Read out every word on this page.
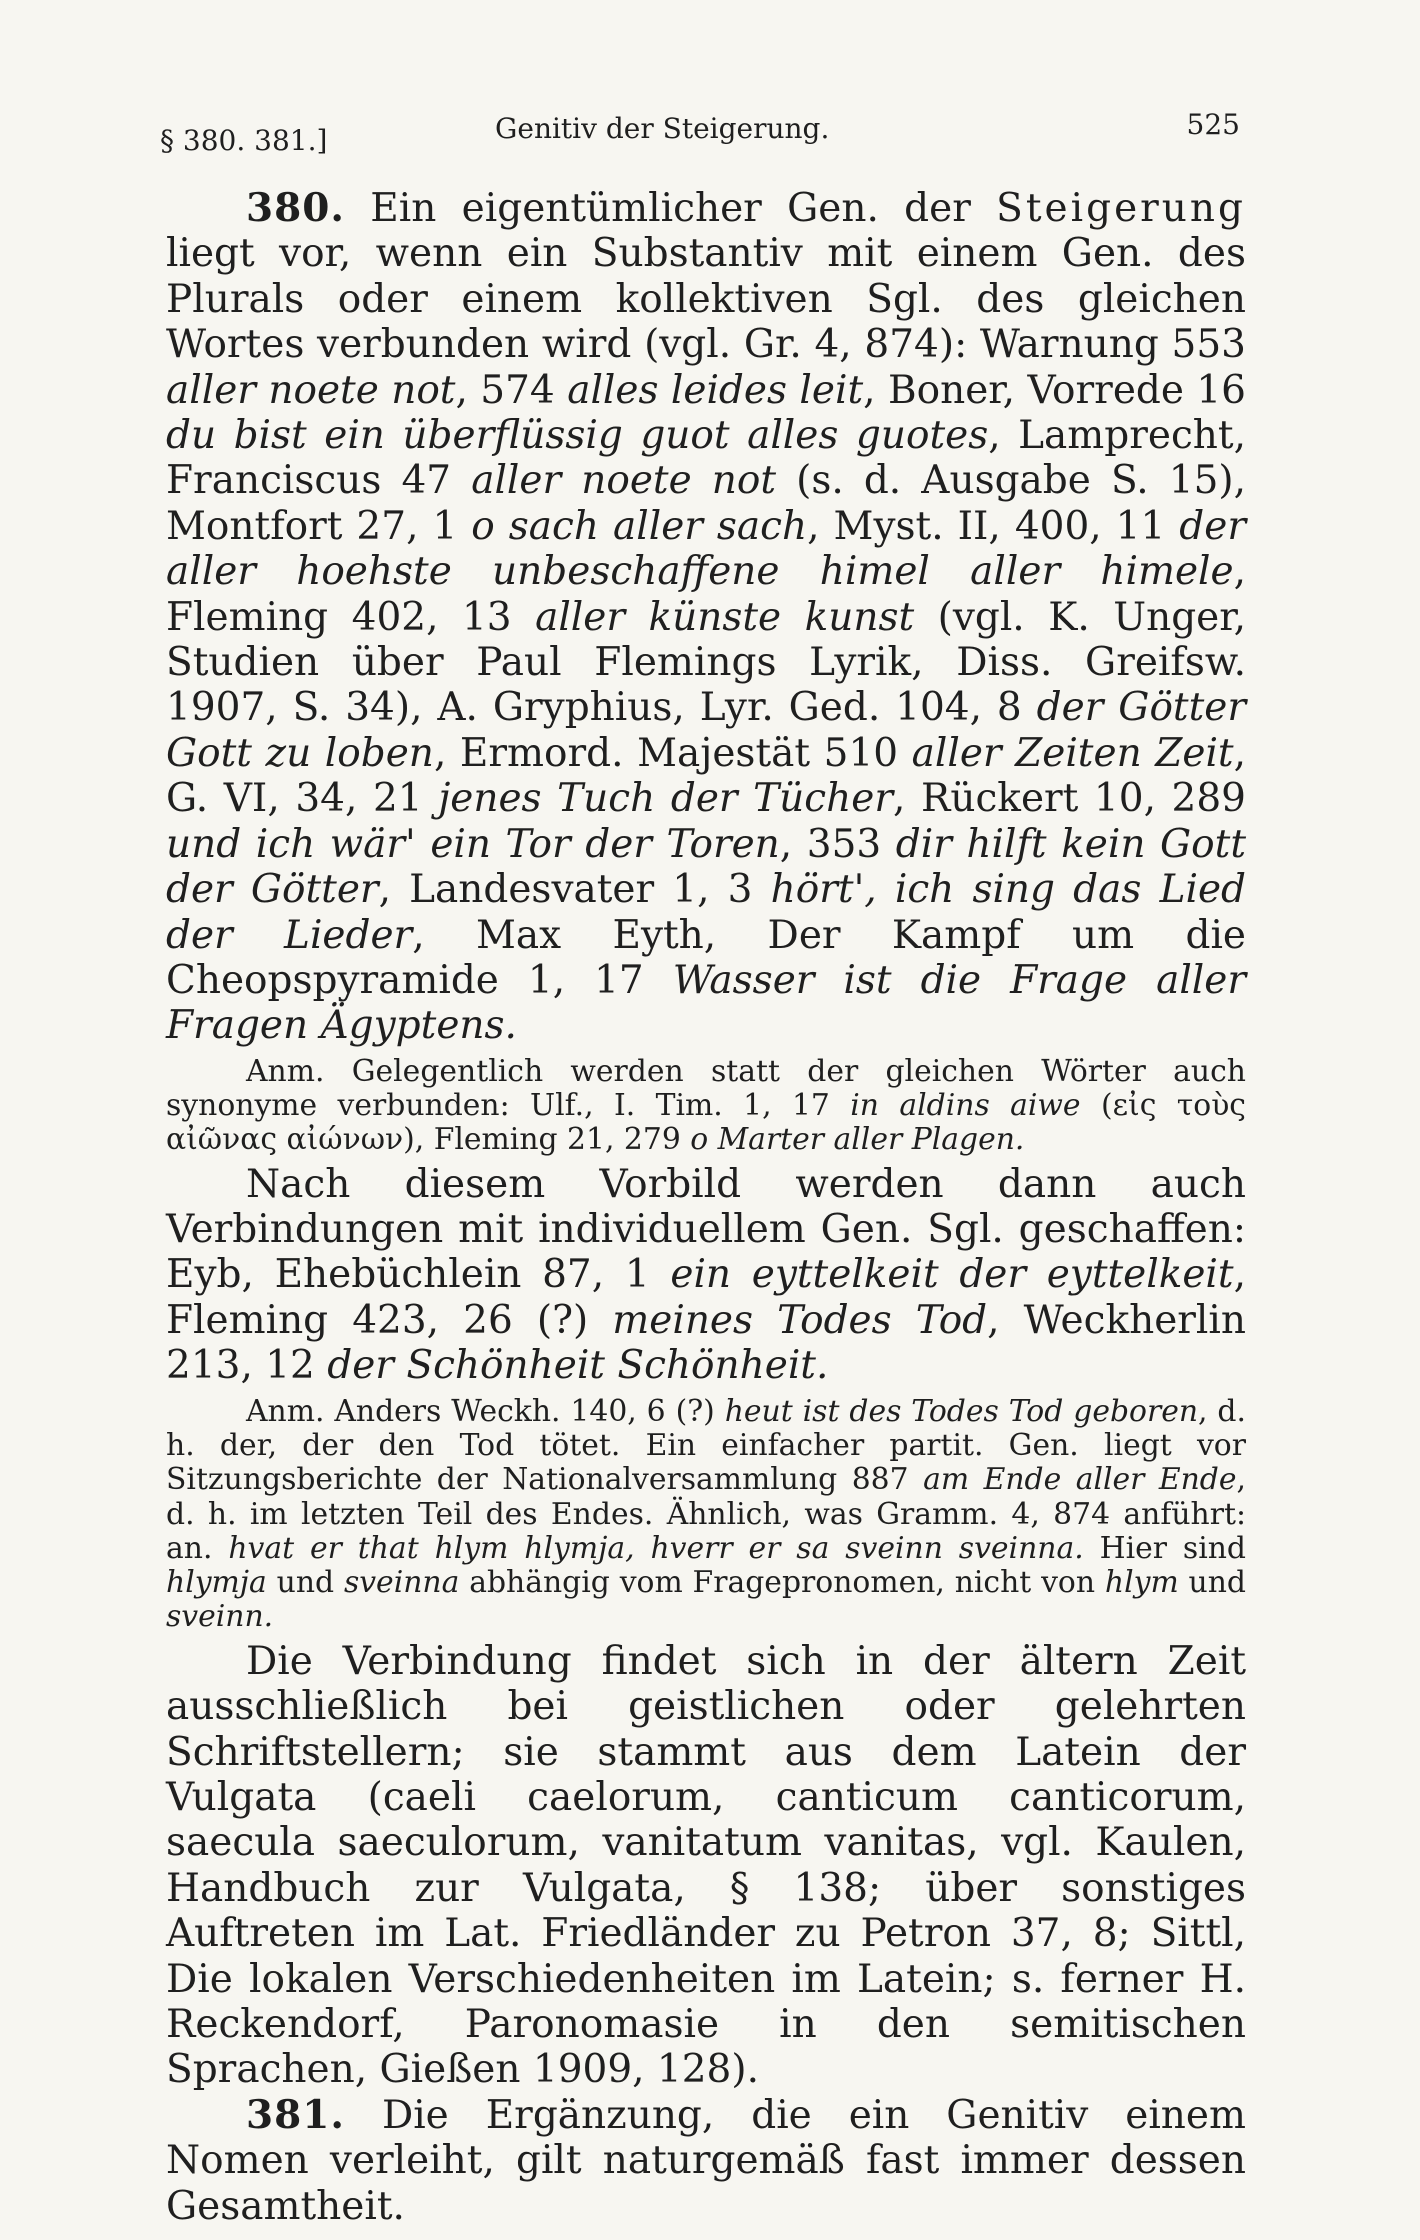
§ 380. 381.]	Genitiv der Steigerung.	525

380. Ein eigentümlicher Gen. der Steigerung liegt vor, wenn ein Substantiv mit einem Gen. des Plurals oder einem kollektiven Sgl. des gleichen Wortes verbunden wird (vgl. Gr. 4, 874): Warnung 553 aller noete not, 574 alles leides leit, Boner, Vorrede 16 du bist ein überflüssig guot alles guotes, Lamprecht, Franciscus 47 aller noete not (s. d. Ausgabe S. 15), Montfort 27, 1 o sach aller sach, Myst. II, 400, 11 der aller hoehste unbeschaffene himel aller himele, Fleming 402, 13 aller künste kunst (vgl. K. Unger, Studien über Paul Flemings Lyrik, Diss. Greifsw. 1907, S. 34), A. Gryphius, Lyr. Ged. 104, 8 der Götter Gott zu loben, Ermord. Majestät 510 aller Zeiten Zeit, G. VI, 34, 21 jenes Tuch der Tücher, Rückert 10, 289 und ich wär' ein Tor der Toren, 353 dir hilft kein Gott der Götter, Landesvater 1, 3 hört', ich sing das Lied der Lieder, Max Eyth, Der Kampf um die Cheopspyramide 1, 17 Wasser ist die Frage aller Fragen Ägyptens.

Anm. Gelegentlich werden statt der gleichen Wörter auch synonyme verbunden: Ulf., I. Tim. 1, 17 in aldins aiwe (εἰς τοὺς αἰῶνας αἰώνων), Fleming 21, 279 o Marter aller Plagen.

Nach diesem Vorbild werden dann auch Verbindungen mit individuellem Gen. Sgl. geschaffen: Eyb, Ehebüchlein 87, 1 ein eyttelkeit der eyttelkeit, Fleming 423, 26 (?) meines Todes Tod, Weckherlin 213, 12 der Schönheit Schönheit.

Anm. Anders Weckh. 140, 6 (?) heut ist des Todes Tod geboren, d. h. der, der den Tod tötet. Ein einfacher partit. Gen. liegt vor Sitzungsberichte der Nationalversammlung 887 am Ende aller Ende, d. h. im letzten Teil des Endes. Ähnlich, was Gramm. 4, 874 anführt: an. hvat er that hlym hlymja, hverr er sa sveinn sveinna. Hier sind hlymja und sveinna abhängig vom Fragepronomen, nicht von hlym und sveinn.

Die Verbindung findet sich in der ältern Zeit ausschließlich bei geistlichen oder gelehrten Schriftstellern; sie stammt aus dem Latein der Vulgata (caeli caelorum, canticum canticorum, saecula saeculorum, vanitatum vanitas, vgl. Kaulen, Handbuch zur Vulgata, § 138; über sonstiges Auftreten im Lat. Friedländer zu Petron 37, 8; Sittl, Die lokalen Verschiedenheiten im Latein; s. ferner H. Reckendorf, Paronomasie in den semitischen Sprachen, Gießen 1909, 128).

381. Die Ergänzung, die ein Genitiv einem Nomen verleiht, gilt naturgemäß fast immer dessen Gesamtheit.
